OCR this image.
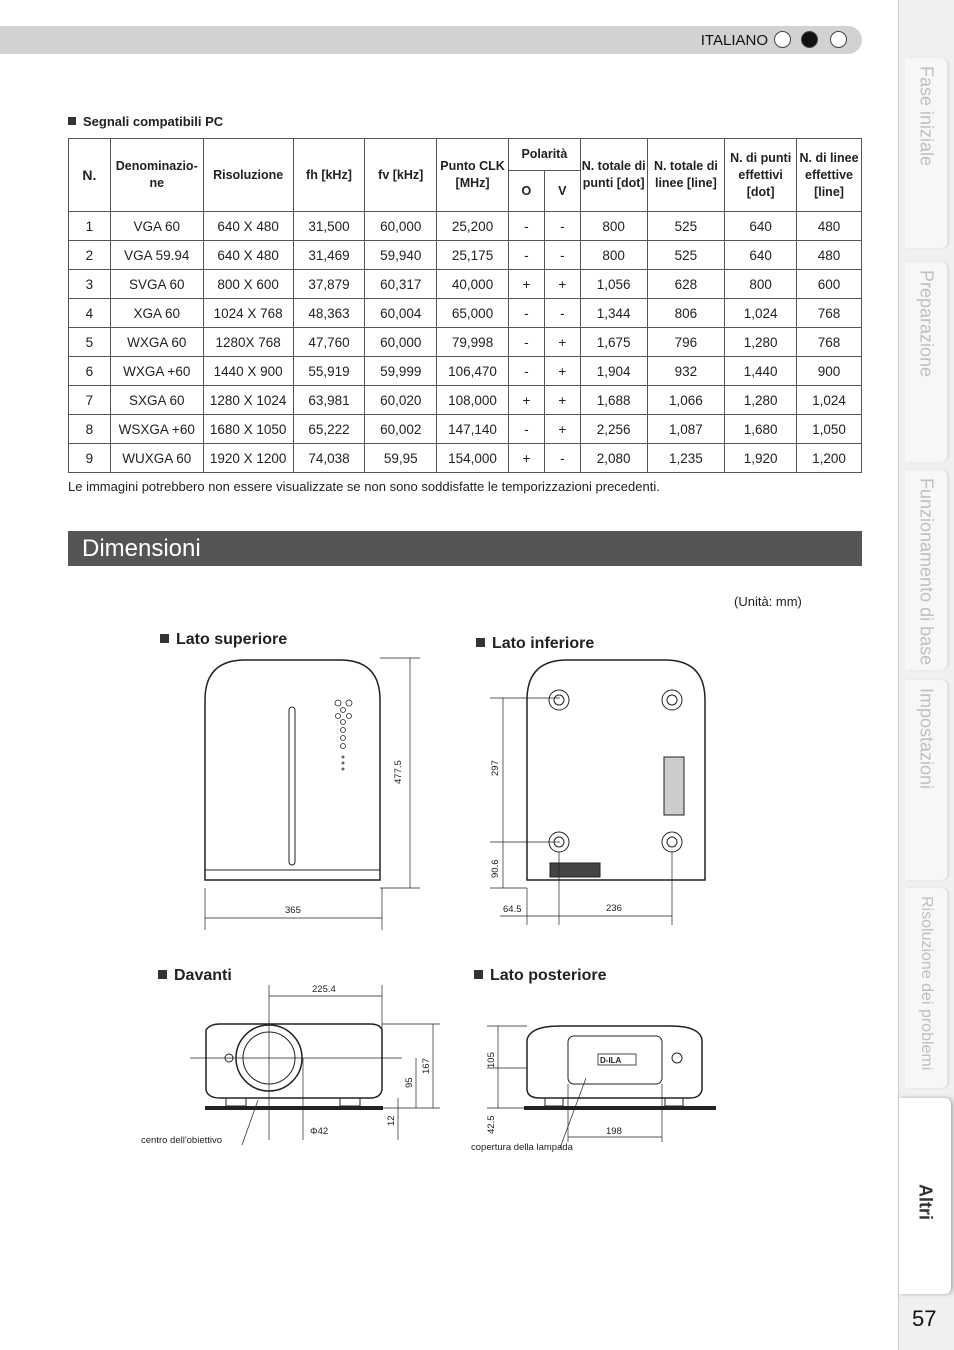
ITALIANO
Fase iniziale
Preparazione
Funzionamento di base
Impostazioni
Risoluzione dei problemi
Altri
57
Segnali compatibili PC
N.	Denominazio-ne	Risoluzione	fh [kHz]	fv [kHz]	Punto CLK [MHz]	Polarità		N. totale di punti [dot]	N. totale di linee [line]	N. di punti effettivi [dot]	N. di linee effettive [line]
						O	V				
1	VGA 60	640 X 480	31,500	60,000	25,200	-	-	800	525	640	480
2	VGA 59.94	640 X 480	31,469	59,940	25,175	-	-	800	525	640	480
3	SVGA 60	800 X 600	37,879	60,317	40,000	+	+	1,056	628	800	600
4	XGA 60	1024 X 768	48,363	60,004	65,000	-	-	1,344	806	1,024	768
5	WXGA 60	1280X 768	47,760	60,000	79,998	-	+	1,675	796	1,280	768
6	WXGA +60	1440 X 900	55,919	59,999	106,470	-	+	1,904	932	1,440	900
7	SXGA 60	1280 X 1024	63,981	60,020	108,000	+	+	1,688	1,066	1,280	1,024
8	WSXGA +60	1680 X 1050	65,222	60,002	147,140	-	+	2,256	1,087	1,680	1,050
9	WUXGA 60	1920 X 1200	74,038	59,95	154,000	+	-	2,080	1,235	1,920	1,200
Le immagini potrebbero non essere visualizzate se non sono soddisfatte le temporizzazioni precedenti.
Dimensioni
(Unità: mm)
Lato superiore	Lato inferiore
Davanti	Lato posteriore
477.5
365
297
90.6
64.5	236
225.4
167
95
12
Φ42
centro dell'obiettivo
D-ILA
105
42.5	198
copertura della lampada
